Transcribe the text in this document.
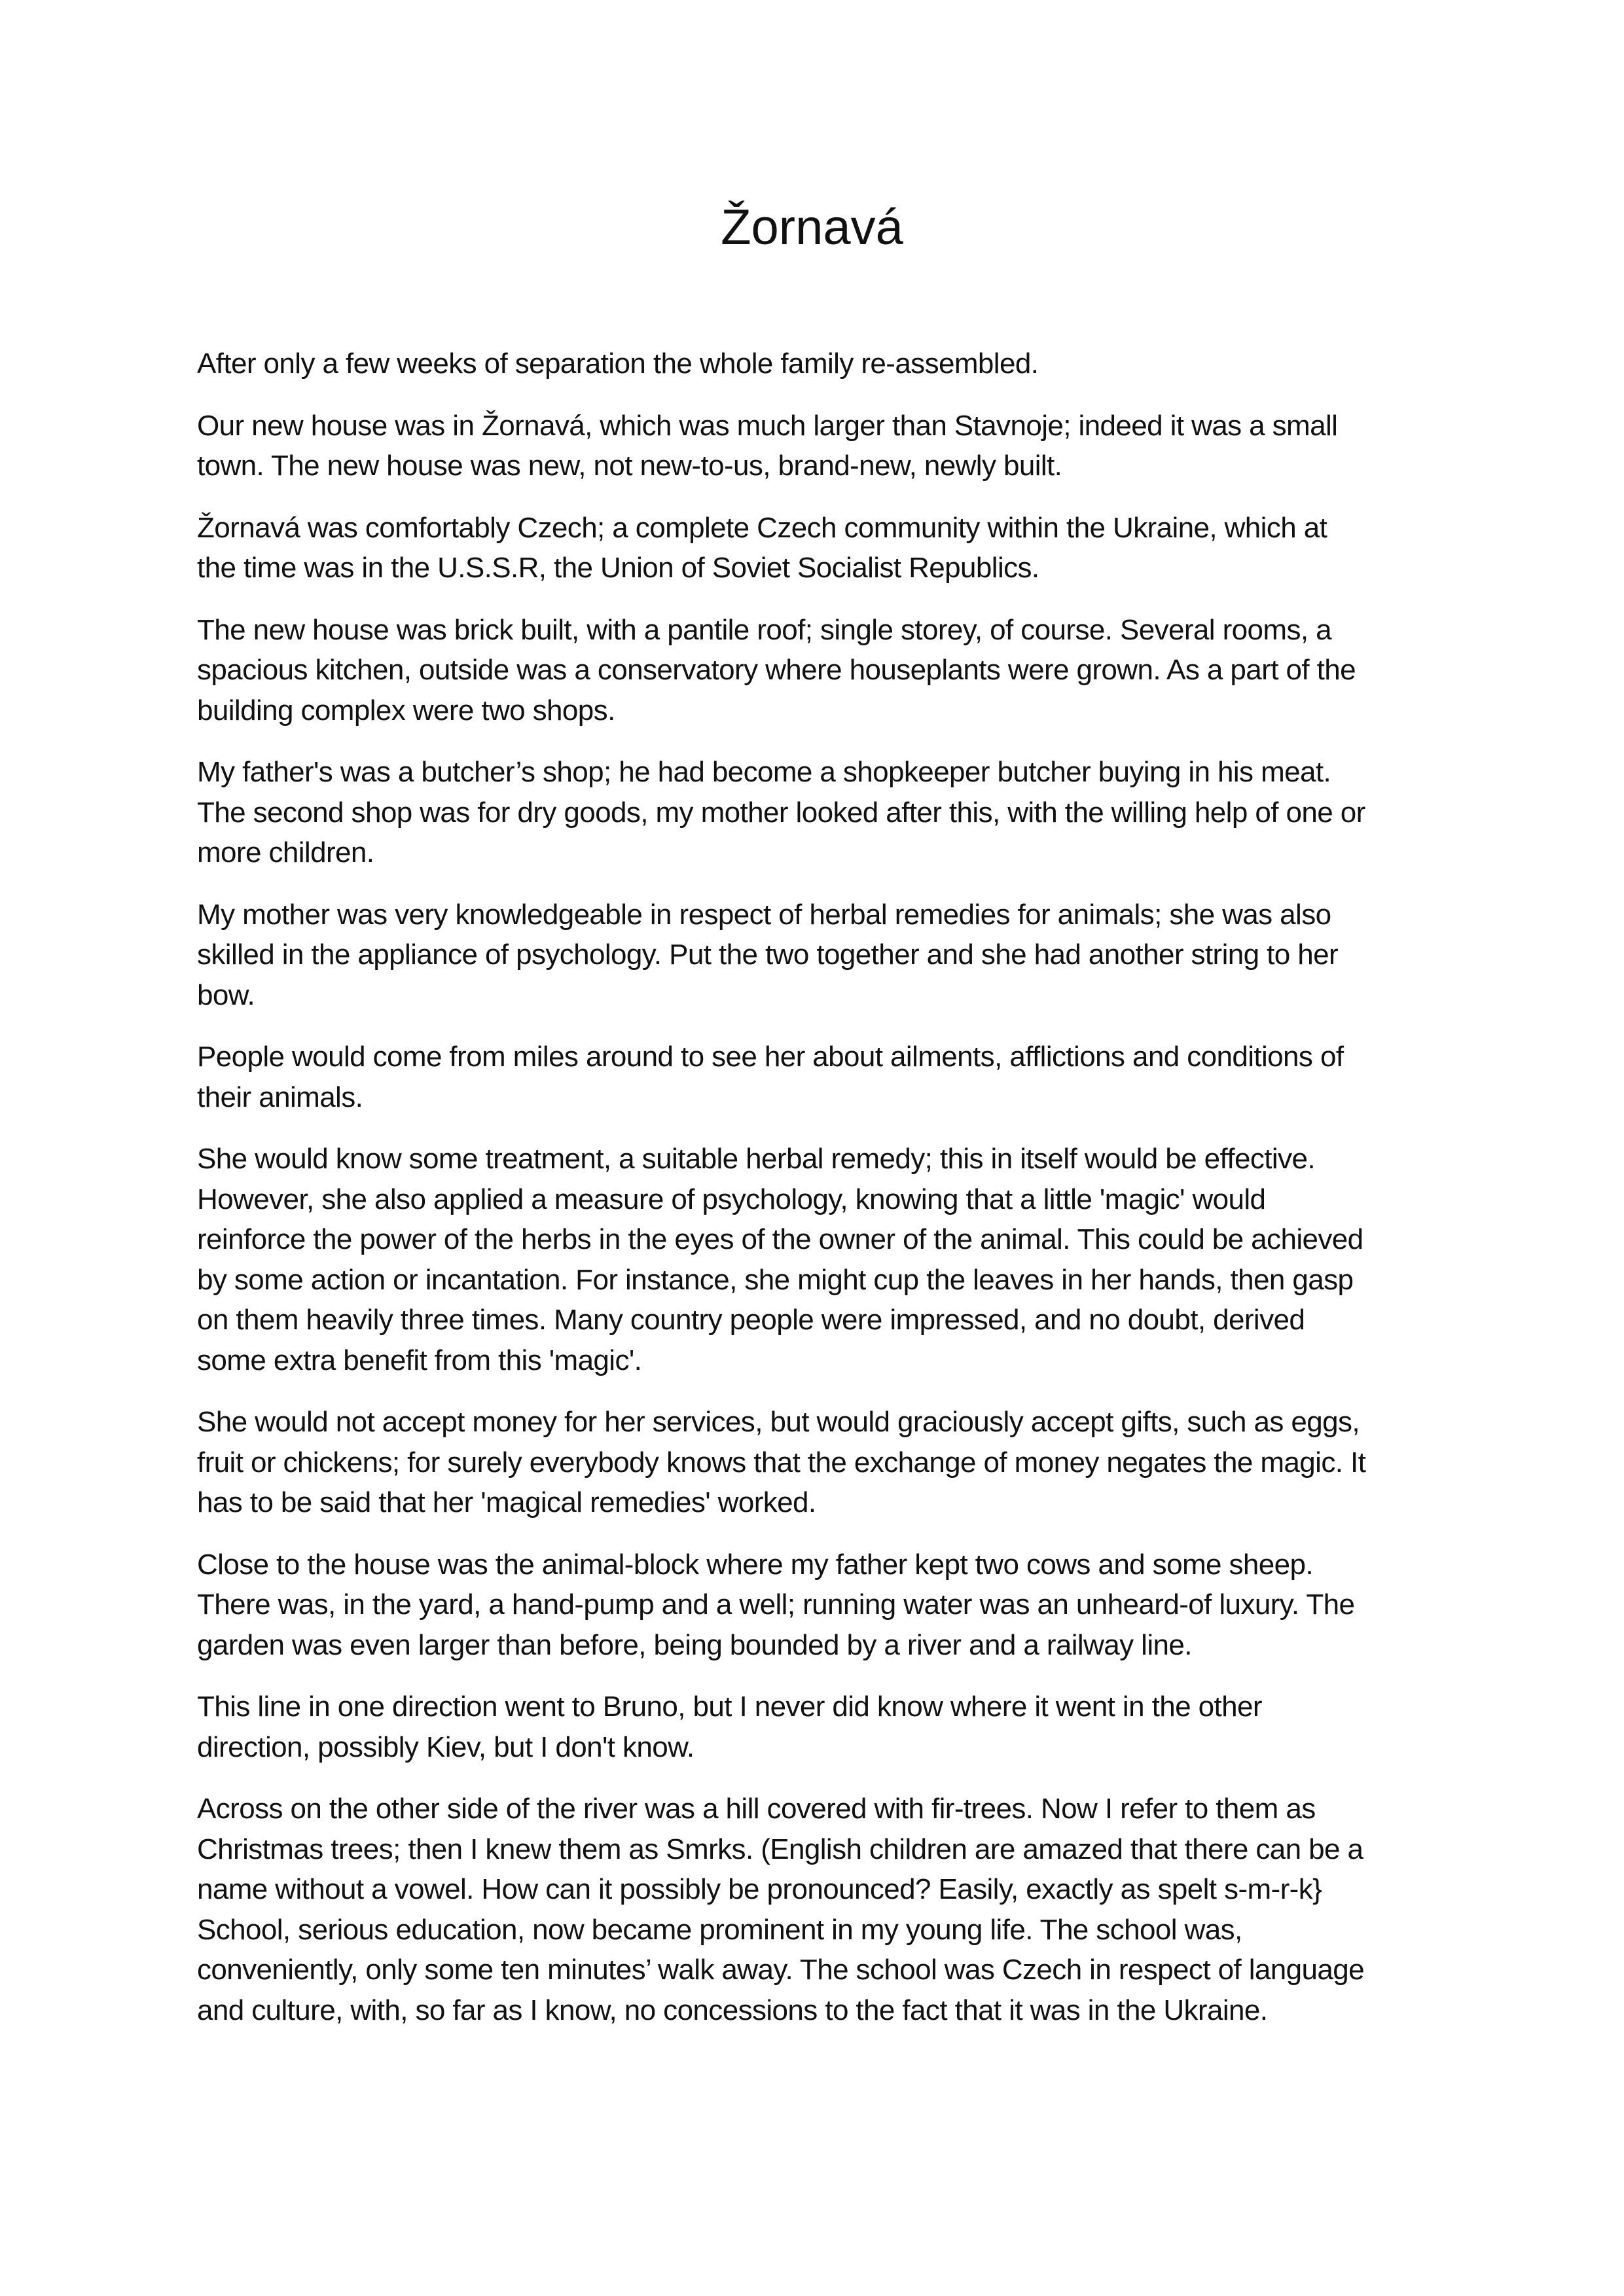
Žornavá

After only a few weeks of separation the whole family re-assembled.

Our new house was in Žornavá, which was much larger than Stavnoje; indeed it was a small
town. The new house was new, not new-to-us, brand-new, newly built.

Žornavá was comfortably Czech; a complete Czech community within the Ukraine, which at
the time was in the U.S.S.R, the Union of Soviet Socialist Republics.

The new house was brick built, with a pantile roof; single storey, of course. Several rooms, a
spacious kitchen, outside was a conservatory where houseplants were grown. As a part of the
building complex were two shops.

My father's was a butcher’s shop; he had become a shopkeeper butcher buying in his meat.
The second shop was for dry goods, my mother looked after this, with the willing help of one or
more children.

My mother was very knowledgeable in respect of herbal remedies for animals; she was also
skilled in the appliance of psychology. Put the two together and she had another string to her
bow.

People would come from miles around to see her about ailments, afflictions and conditions of
their animals.

She would know some treatment, a suitable herbal remedy; this in itself would be effective.
However, she also applied a measure of psychology, knowing that a little 'magic' would
reinforce the power of the herbs in the eyes of the owner of the animal. This could be achieved
by some action or incantation. For instance, she might cup the leaves in her hands, then gasp
on them heavily three times. Many country people were impressed, and no doubt, derived
some extra benefit from this 'magic'.

She would not accept money for her services, but would graciously accept gifts, such as eggs,
fruit or chickens; for surely everybody knows that the exchange of money negates the magic. It
has to be said that her 'magical remedies' worked.

Close to the house was the animal-block where my father kept two cows and some sheep.
There was, in the yard, a hand-pump and a well; running water was an unheard-of luxury. The
garden was even larger than before, being bounded by a river and a railway line.

This line in one direction went to Bruno, but I never did know where it went in the other
direction, possibly Kiev, but I don't know.

Across on the other side of the river was a hill covered with fir-trees. Now I refer to them as
Christmas trees; then I knew them as Smrks. (English children are amazed that there can be a
name without a vowel. How can it possibly be pronounced? Easily, exactly as spelt s-m-r-k}
School, serious education, now became prominent in my young life. The school was,
conveniently, only some ten minutes’ walk away. The school was Czech in respect of language
and culture, with, so far as I know, no concessions to the fact that it was in the Ukraine.
